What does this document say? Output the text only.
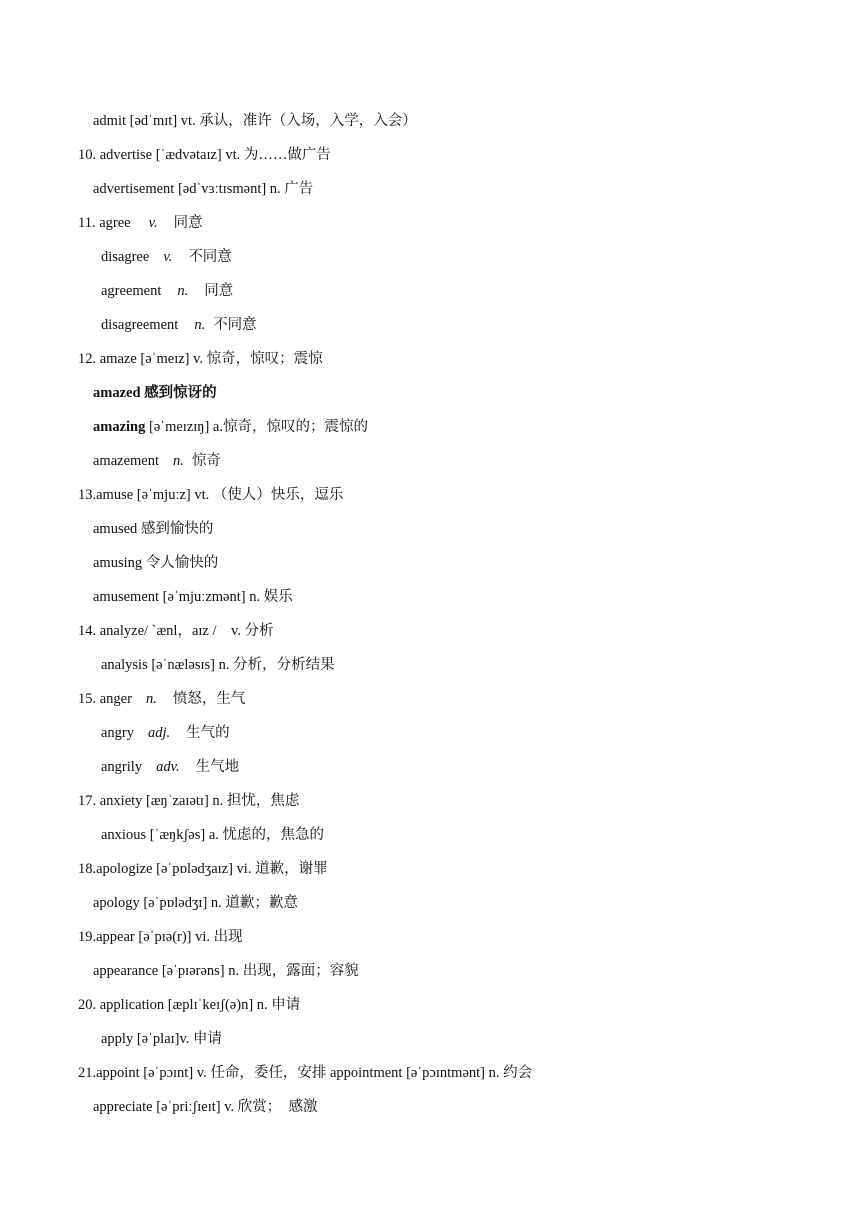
admit [ədˈmɪt] vt. 承认，准许（入场，入学，入会）
10. advertise [ˈædvətaɪz] vt. 为……做广告
advertisement [ədˈvɜːtɪsmənt] n. 广告
11. agree v. 同意
disagree v. 不同意
agreement n. 同意
disagreement n. 不同意
12. amaze [əˈmeɪz] v. 惊奇，惊叹；震惊
amazed 感到惊讶的
amazing [əˈmeɪzɪŋ] a.惊奇，惊叹的；震惊的
amazement n. 惊奇
13.amuse [əˈmjuːz] vt. （使人）快乐，逗乐
amused 感到愉快的
amusing 令人愉快的
amusement [əˈmjuːzmənt] n. 娱乐
14. analyze/ `ænl，aɪz /　v. 分析
analysis [əˈnæləsɪs] n. 分析，分析结果
15. anger n. 愤怒，生气
angry adj. 生气的
angrily adv. 生气地
17. anxiety [æŋˈzaɪətɪ] n. 担忧，焦虑
anxious [ˈæŋkʃəs] a. 忧虑的，焦急的
18.apologize [əˈpɒlədʒaɪz] vi. 道歉，谢罪
apology [əˈpɒlədʒɪ] n. 道歉；歉意
19.appear [əˈpɪə(r)] vi. 出现
appearance [əˈpɪərəns] n. 出现，露面；容貌
20. application [æplɪˈkeɪʃ(ə)n] n. 申请
apply [əˈplaɪ]v. 申请
21.appoint [əˈpɔɪnt] v. 任命，委任，安排 appointment [əˈpɔɪntmənt] n. 约会
appreciate [əˈpriːʃɪeɪt] v. 欣赏；　感激
